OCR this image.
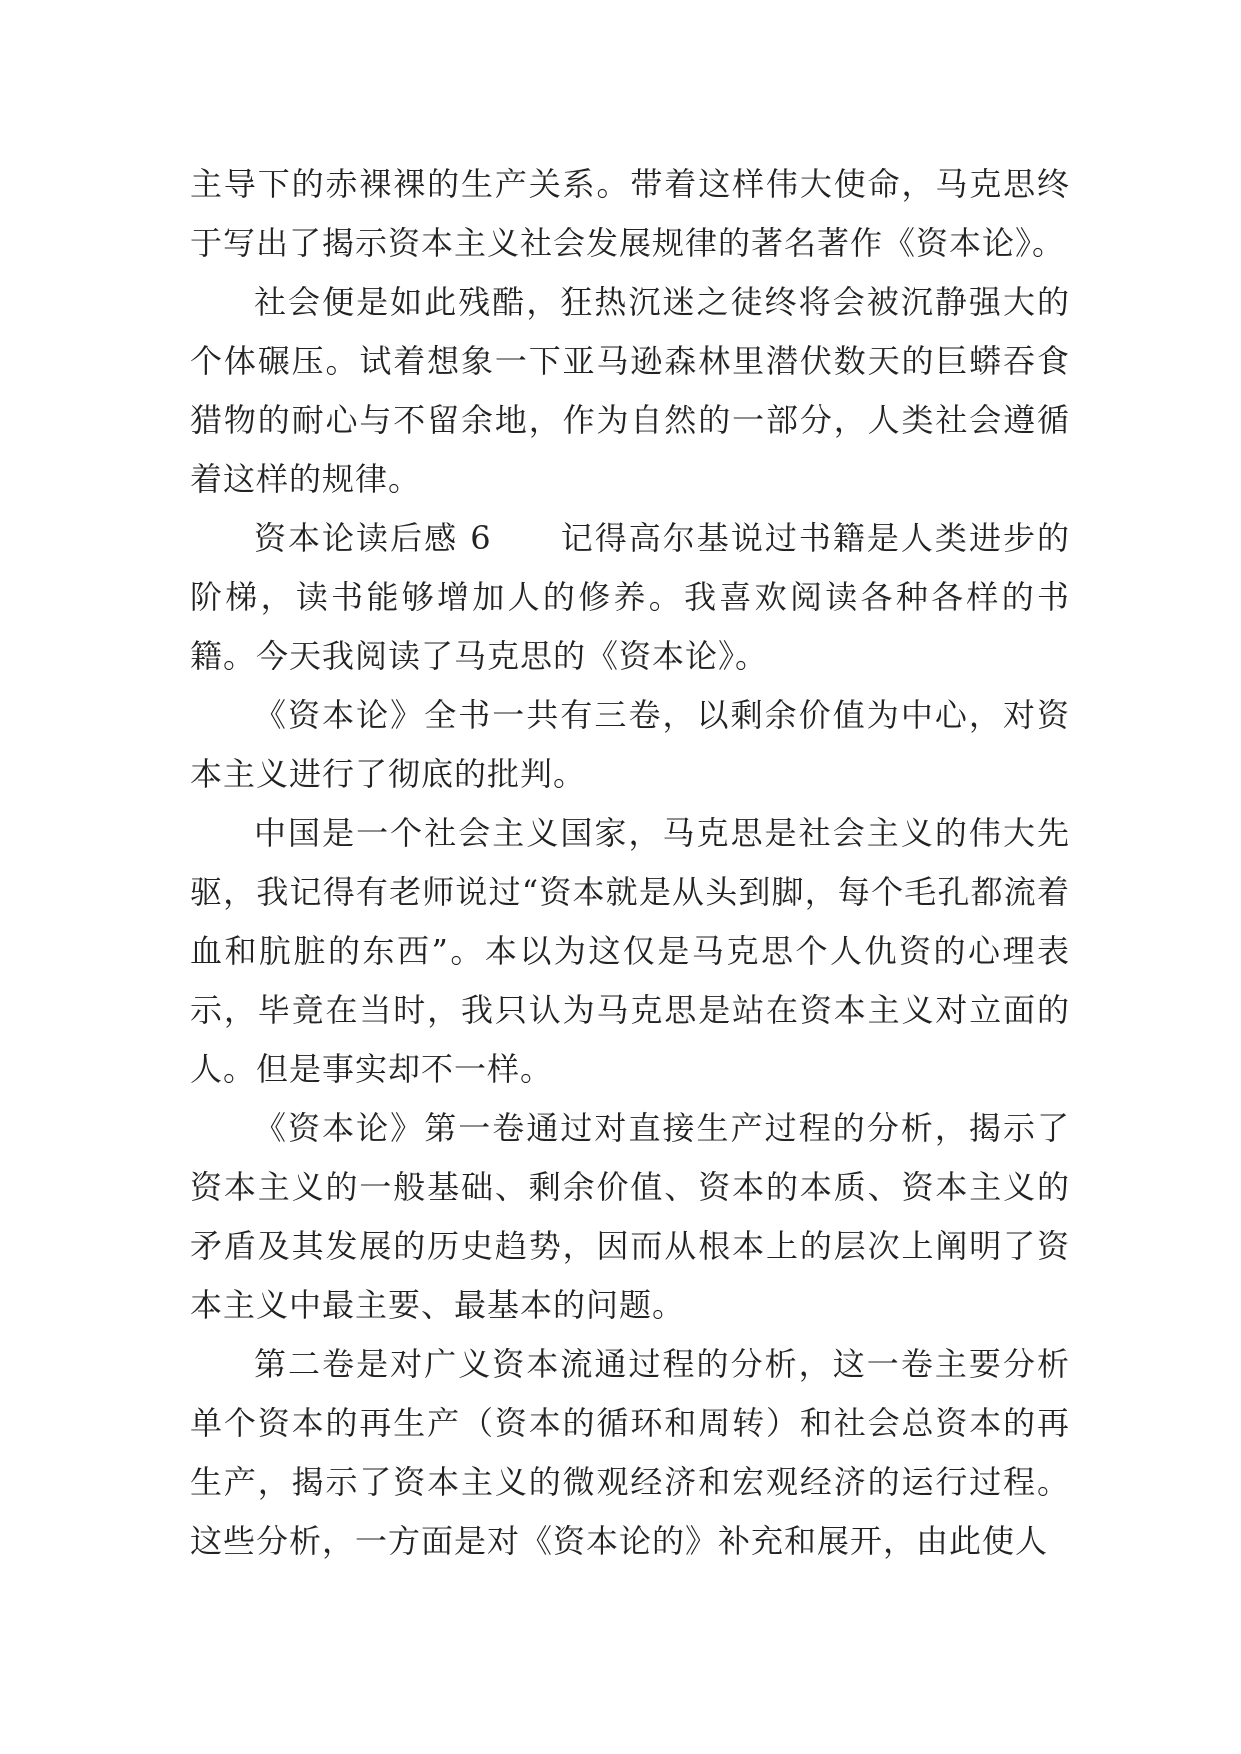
主导下的赤裸裸的生产关系。带着这样伟大使命，马克思终于写出了揭示资本主义社会发展规律的著名著作《资本论》。

社会便是如此残酷，狂热沉迷之徒终将会被沉静强大的个体碾压。试着想象一下亚马逊森林里潜伏数天的巨蟒吞食猎物的耐心与不留余地，作为自然的一部分，人类社会遵循着这样的规律。

资本论读后感 6　　记得高尔基说过书籍是人类进步的阶梯，读书能够增加人的修养。我喜欢阅读各种各样的书籍。今天我阅读了马克思的《资本论》。

《资本论》全书一共有三卷，以剩余价值为中心，对资本主义进行了彻底的批判。

中国是一个社会主义国家，马克思是社会主义的伟大先驱，我记得有老师说过“资本就是从头到脚，每个毛孔都流着血和肮脏的东西”。本以为这仅是马克思个人仇资的心理表示，毕竟在当时，我只认为马克思是站在资本主义对立面的人。但是事实却不一样。

《资本论》第一卷通过对直接生产过程的分析，揭示了资本主义的一般基础、剩余价值、资本的本质、资本主义的矛盾及其发展的历史趋势，因而从根本上的层次上阐明了资本主义中最主要、最基本的问题。

第二卷是对广义资本流通过程的分析，这一卷主要分析单个资本的再生产（资本的循环和周转）和社会总资本的再生产，揭示了资本主义的微观经济和宏观经济的运行过程。这些分析，一方面是对《资本论的》补充和展开，由此使人
